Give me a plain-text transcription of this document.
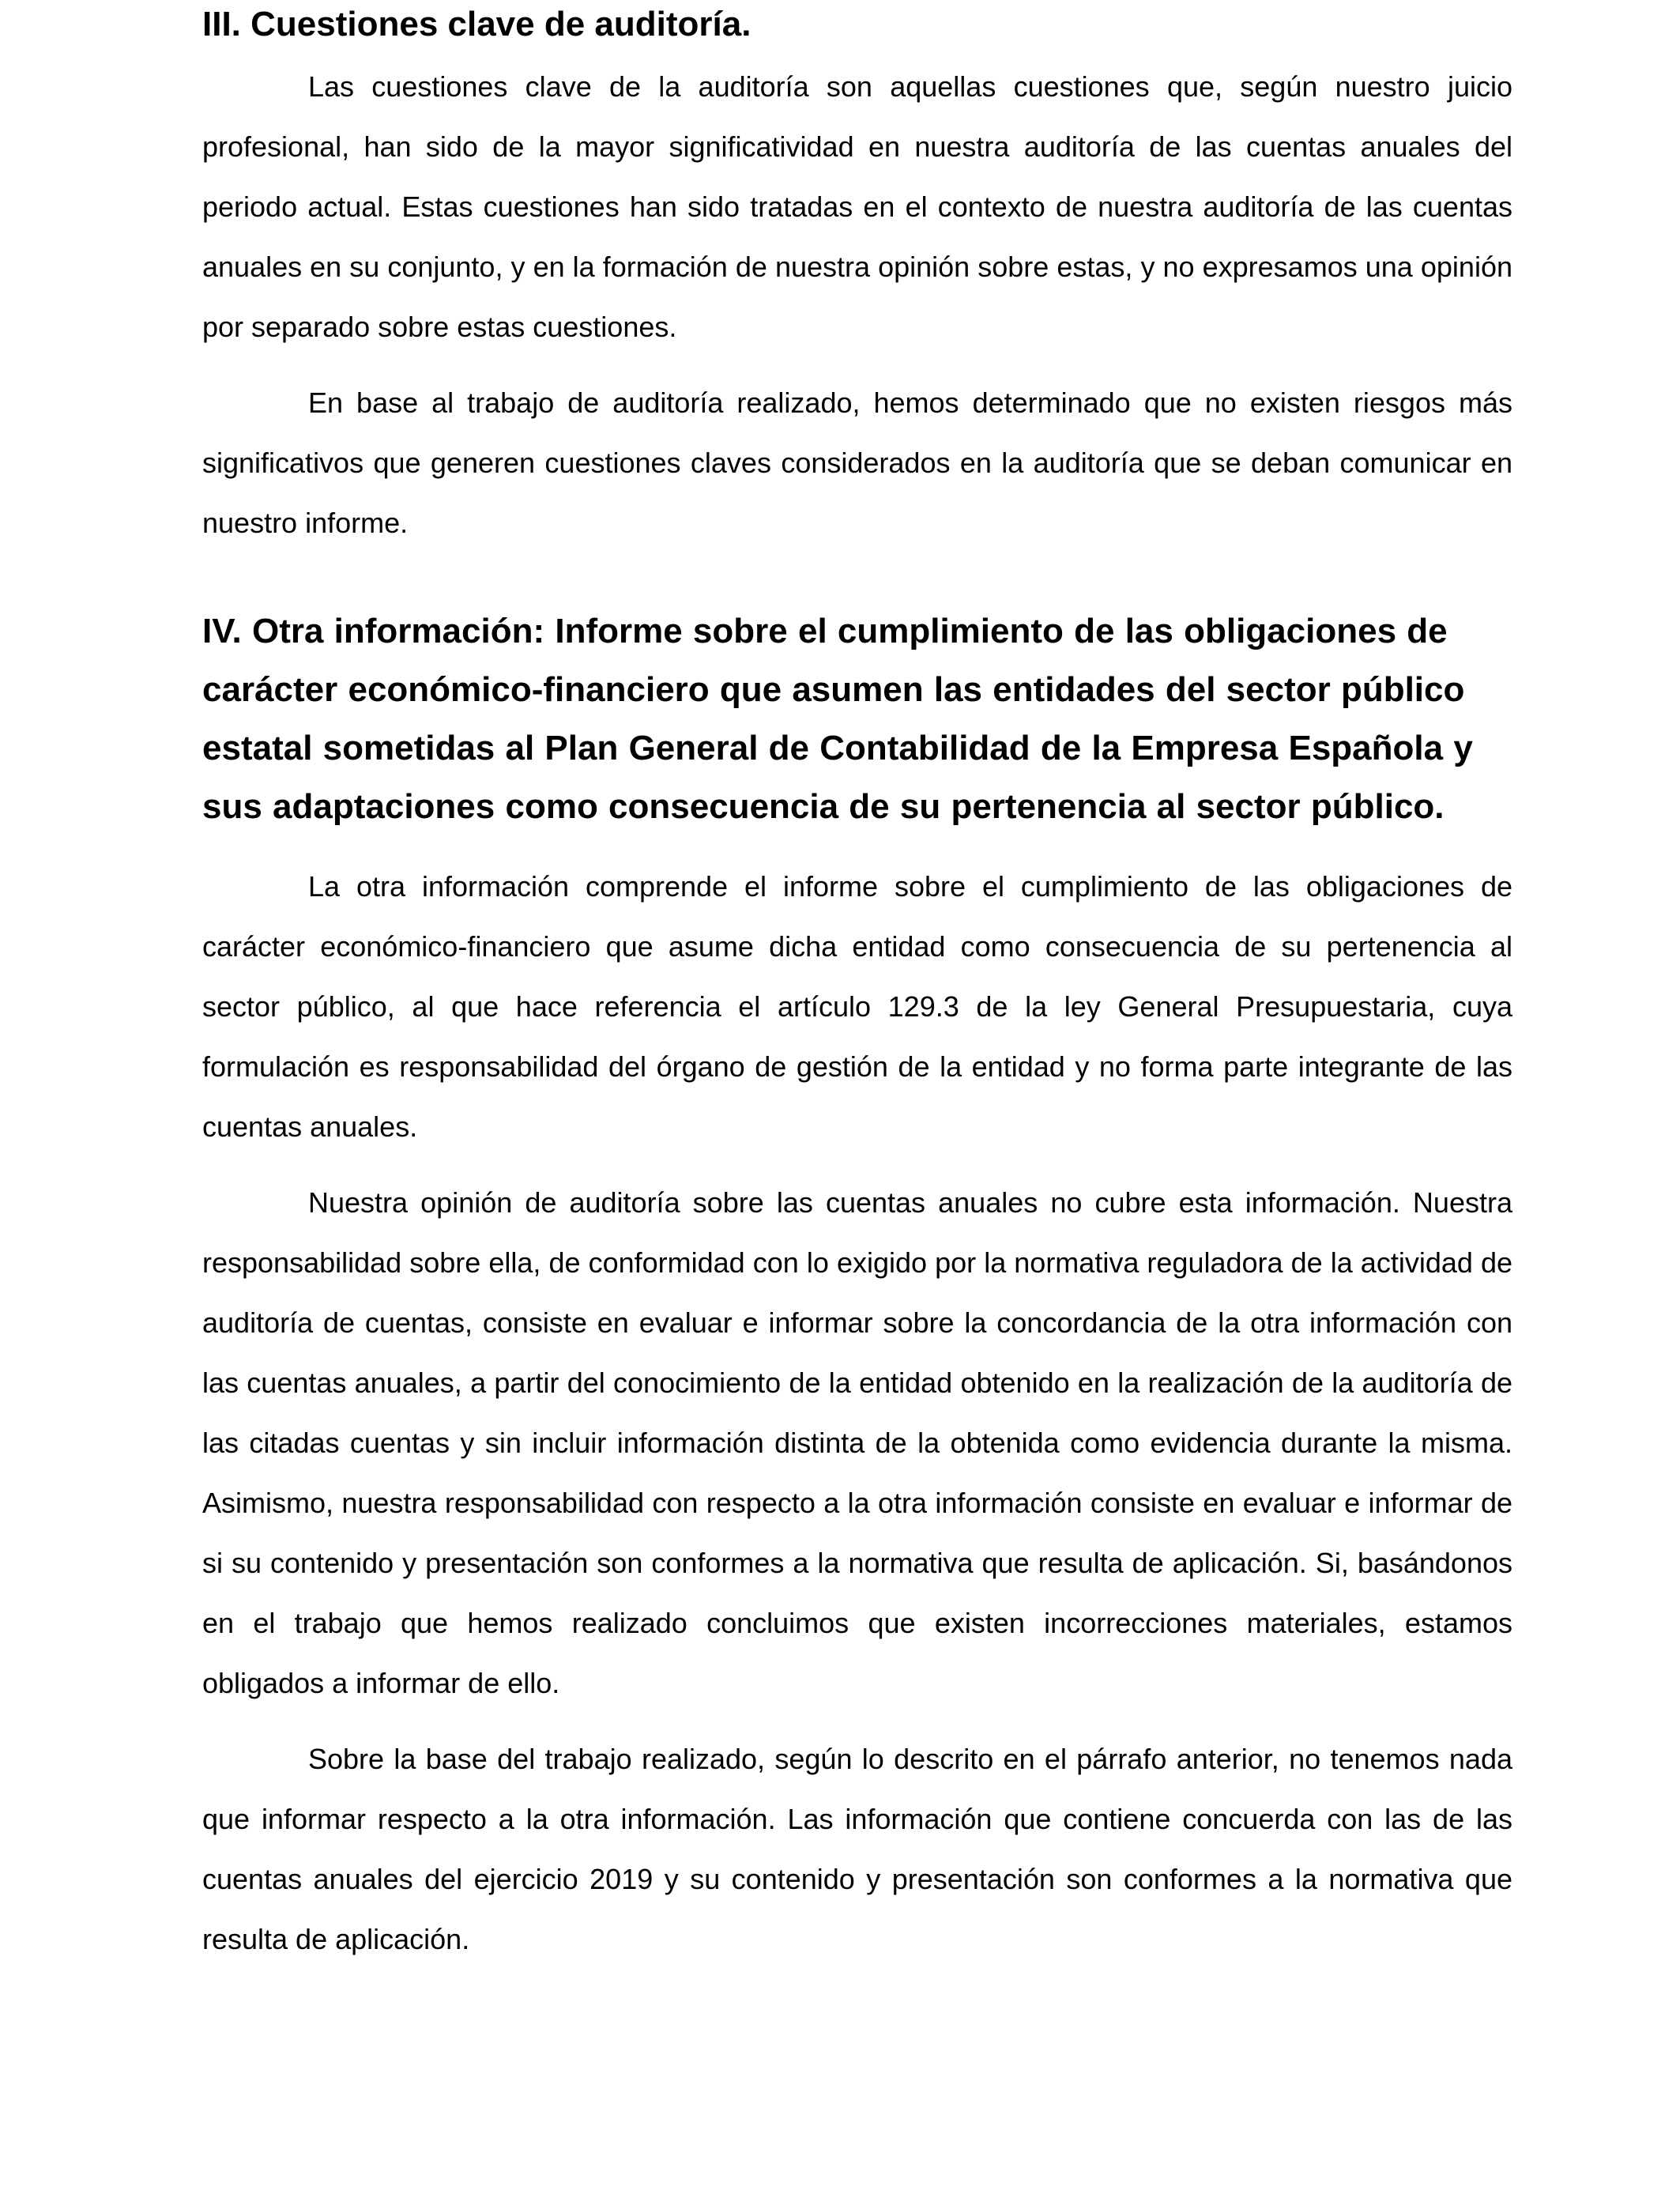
III. Cuestiones clave de auditoría.

Las cuestiones clave de la auditoría son aquellas cuestiones que, según nuestro juicio profesional, han sido de la mayor significatividad en nuestra auditoría de las cuentas anuales del periodo actual. Estas cuestiones han sido tratadas en el contexto de nuestra auditoría de las cuentas anuales en su conjunto, y en la formación de nuestra opinión sobre estas, y no expresamos una opinión por separado sobre estas cuestiones.

En base al trabajo de auditoría realizado, hemos determinado que no existen riesgos más significativos que generen cuestiones claves considerados en la auditoría que se deban comunicar en nuestro informe.

IV. Otra información: Informe sobre el cumplimiento de las obligaciones de carácter económico-financiero que asumen las entidades del sector público estatal sometidas al Plan General de Contabilidad de la Empresa Española y sus adaptaciones como consecuencia de su pertenencia al sector público.

La otra información comprende el informe sobre el cumplimiento de las obligaciones de carácter económico-financiero que asume dicha entidad como consecuencia de su pertenencia al sector público, al que hace referencia el artículo 129.3 de la ley General Presupuestaria, cuya formulación es responsabilidad del órgano de gestión de la entidad y no forma parte integrante de las cuentas anuales.

Nuestra opinión de auditoría sobre las cuentas anuales no cubre esta información. Nuestra responsabilidad sobre ella, de conformidad con lo exigido por la normativa reguladora de la actividad de auditoría de cuentas, consiste en evaluar e informar sobre la concordancia de la otra información con las cuentas anuales, a partir del conocimiento de la entidad obtenido en la realización de la auditoría de las citadas cuentas y sin incluir información distinta de la obtenida como evidencia durante la misma. Asimismo, nuestra responsabilidad con respecto a la otra información consiste en evaluar e informar de si su contenido y presentación son conformes a la normativa que resulta de aplicación. Si, basándonos en el trabajo que hemos realizado concluimos que existen incorrecciones materiales, estamos obligados a informar de ello.

Sobre la base del trabajo realizado, según lo descrito en el párrafo anterior, no tenemos nada que informar respecto a la otra información. Las información que contiene concuerda con las de las cuentas anuales del ejercicio 2019 y su contenido y presentación son conformes a la normativa que resulta de aplicación.
